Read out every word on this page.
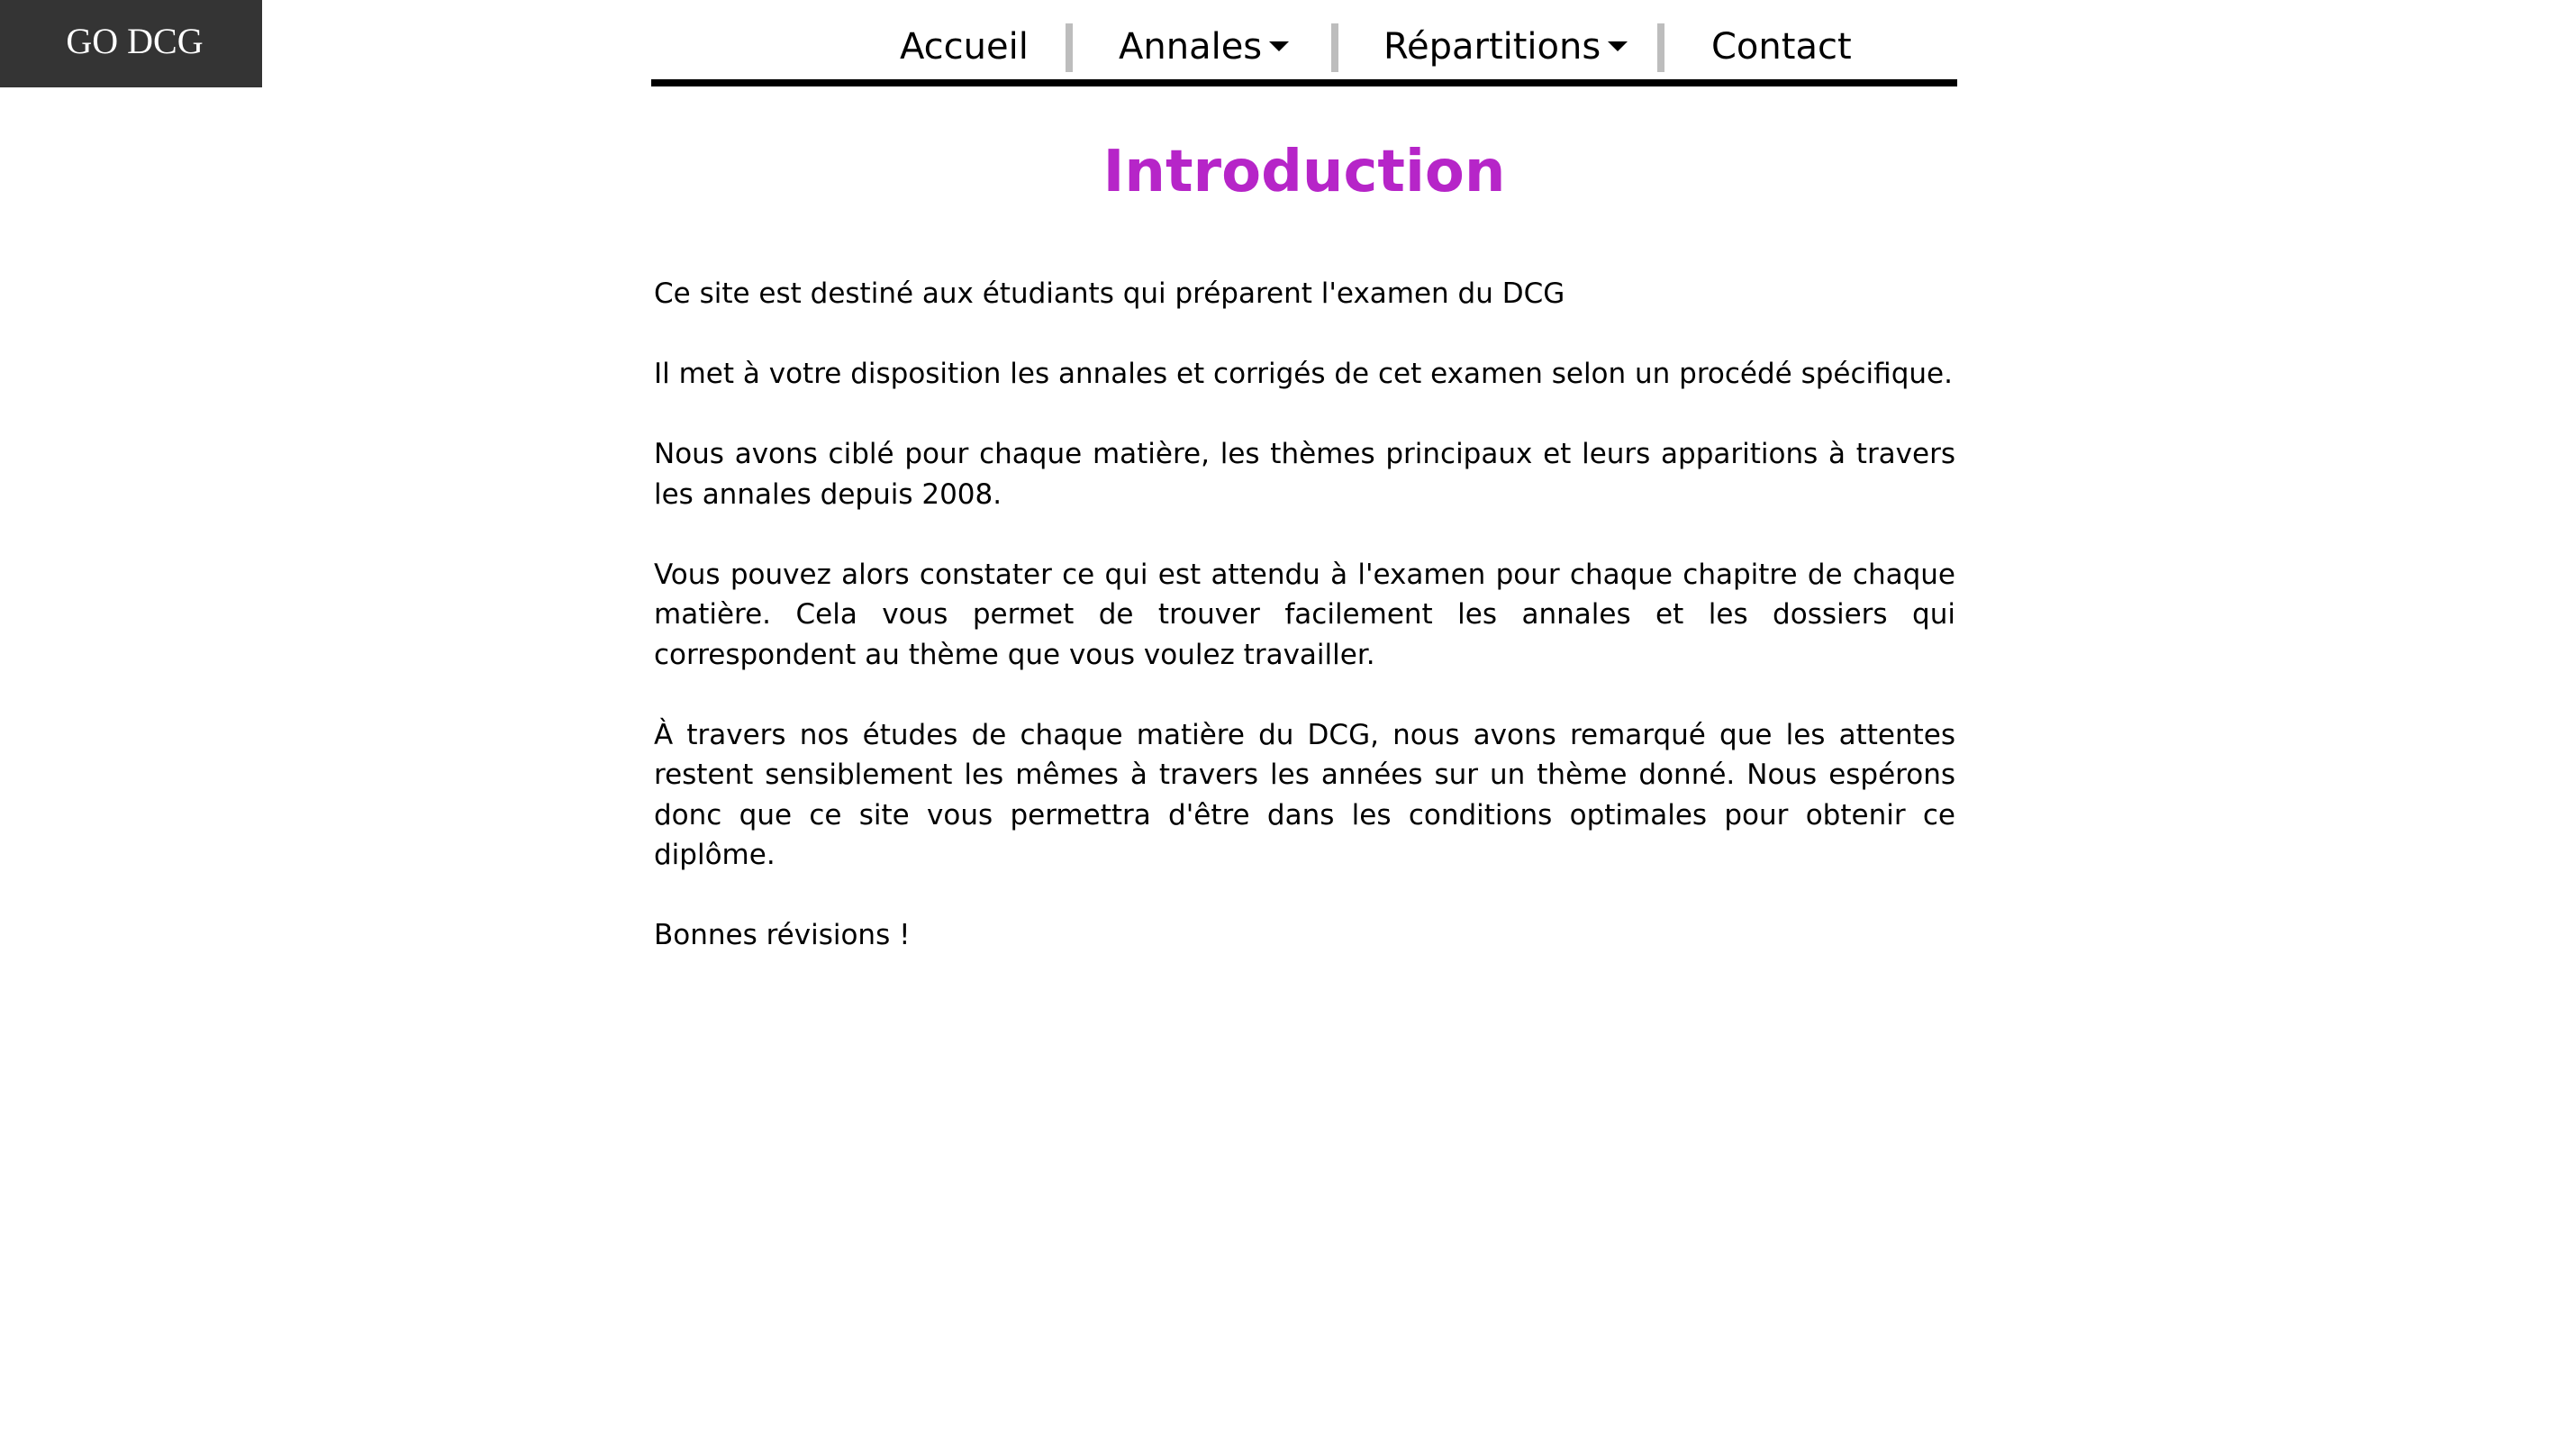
GO DCG	Accueil	Annales	Répartitions	Contact
Introduction

Ce site est destiné aux étudiants qui préparent l'examen du DCG

Il met à votre disposition les annales et corrigés de cet examen selon un procédé spécifique.

Nous avons ciblé pour chaque matière, les thèmes principaux et leurs apparitions à travers les annales depuis 2008.

Vous pouvez alors constater ce qui est attendu à l'examen pour chaque chapitre de chaque matière. Cela vous permet de trouver facilement les annales et les dossiers qui correspondent au thème que vous voulez travailler.

À travers nos études de chaque matière du DCG, nous avons remarqué que les attentes restent sensiblement les mêmes à travers les années sur un thème donné. Nous espérons donc que ce site vous permettra d'être dans les conditions optimales pour obtenir ce diplôme.

Bonnes révisions !
